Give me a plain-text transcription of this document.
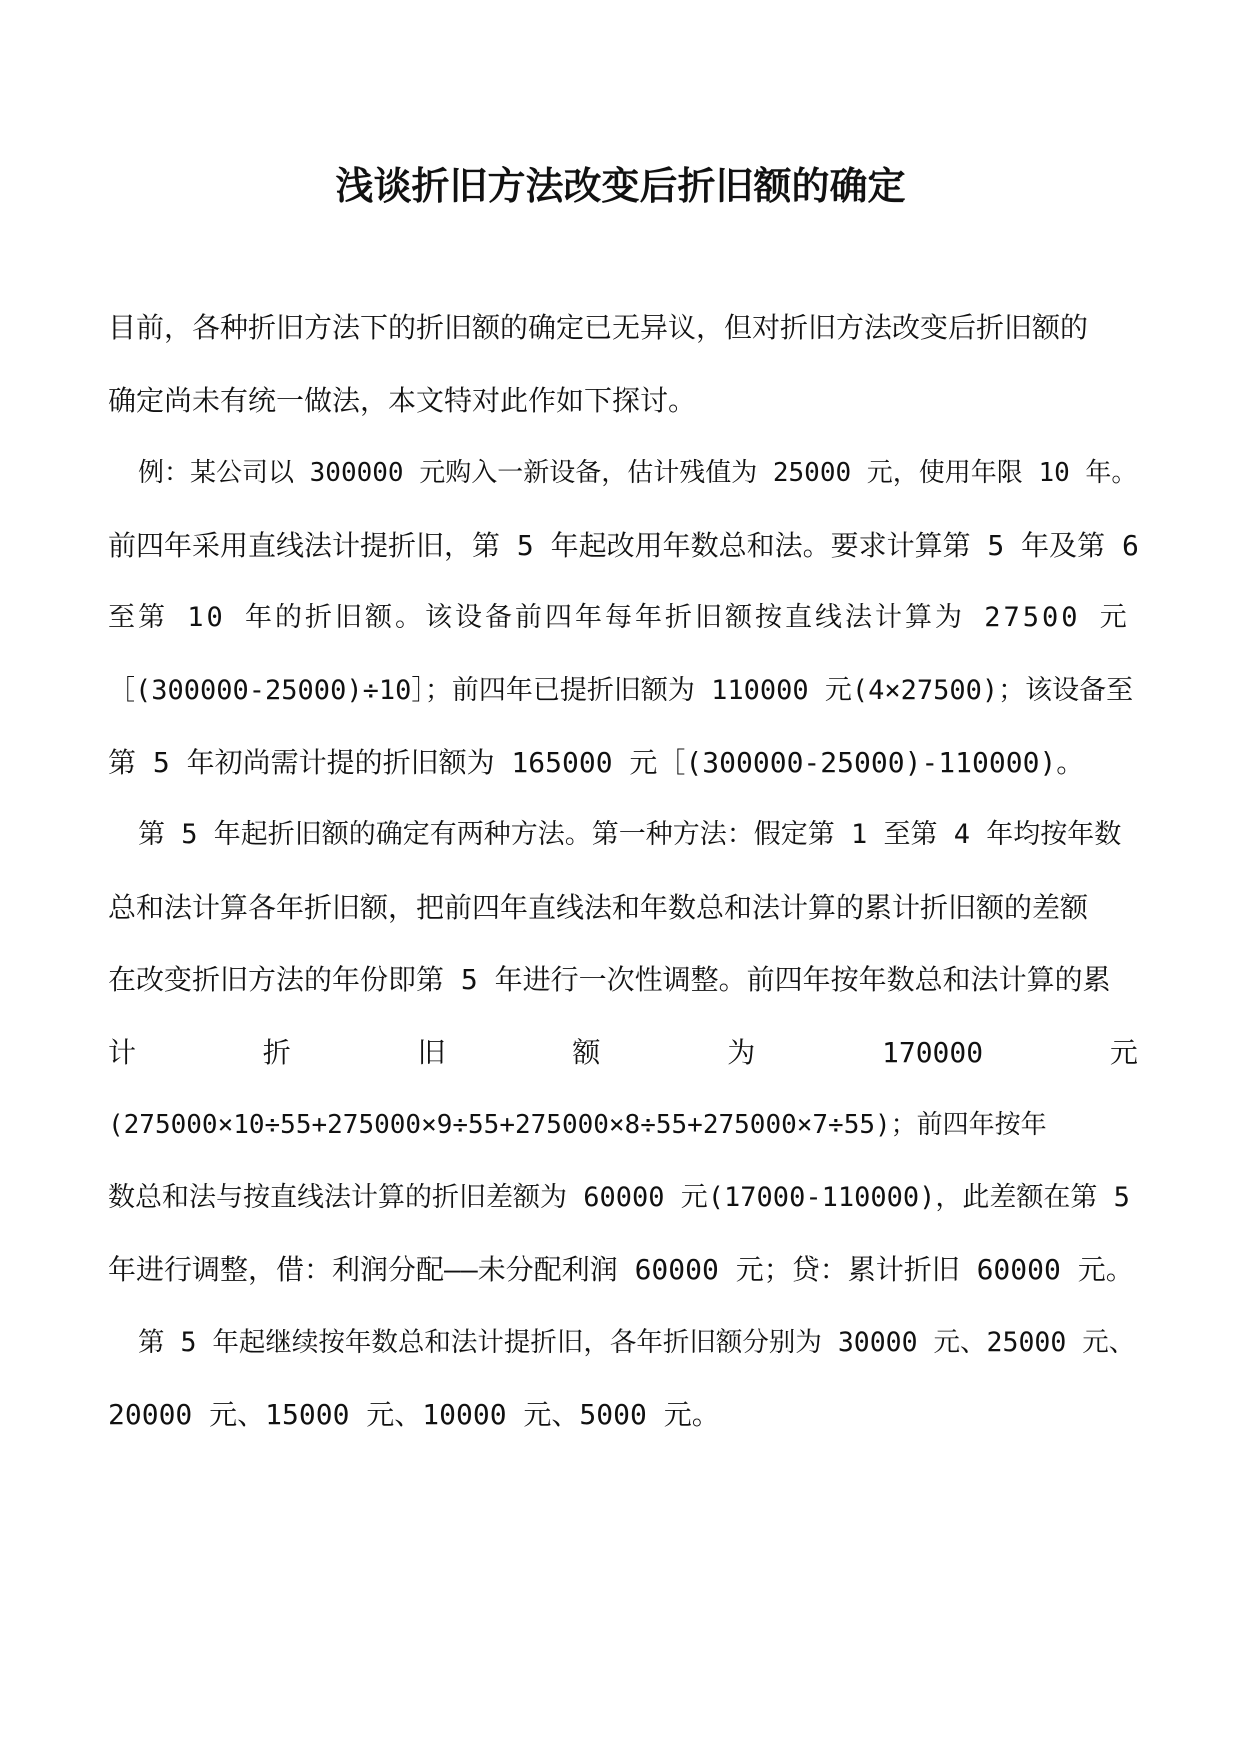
浅谈折旧方法改变后折旧额的确定
目前，各种折旧方法下的折旧额的确定已无异议，但对折旧方法改变后折旧额的
确定尚未有统一做法，本文特对此作如下探讨。
例：某公司以 300000 元购入一新设备，估计残值为 25000 元，使用年限 10 年。
前四年采用直线法计提折旧，第 5 年起改用年数总和法。要求计算第 5 年及第 6
至第 10 年的折旧额。该设备前四年每年折旧额按直线法计算为 27500 元
［(300000-25000)÷10］；前四年已提折旧额为 110000 元(4×27500)；该设备至
第 5 年初尚需计提的折旧额为 165000 元［(300000-25000)-110000)。
第 5 年起折旧额的确定有两种方法。第一种方法：假定第 1 至第 4 年均按年数
总和法计算各年折旧额，把前四年直线法和年数总和法计算的累计折旧额的差额
在改变折旧方法的年份即第 5 年进行一次性调整。前四年按年数总和法计算的累
计	折	旧	额	为	170000	元
(275000×10÷55+275000×9÷55+275000×8÷55+275000×7÷55)；前四年按年
数总和法与按直线法计算的折旧差额为 60000 元(17000-110000)，此差额在第 5
年进行调整，借：利润分配——未分配利润 60000 元；贷：累计折旧 60000 元。
第 5 年起继续按年数总和法计提折旧，各年折旧额分别为 30000 元、25000 元、
20000 元、15000 元、10000 元、5000 元。
